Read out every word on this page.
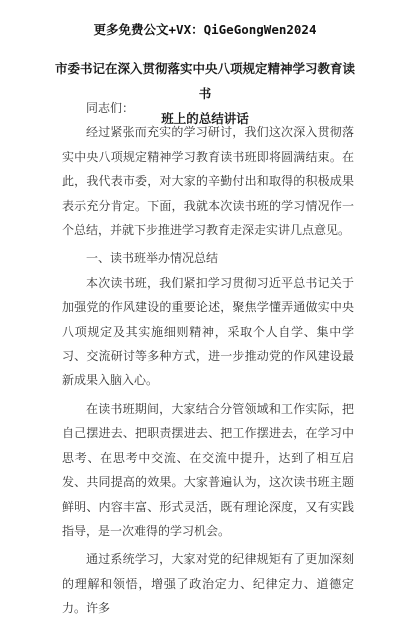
更多免费公文+VX：QiGeGongWen2024
市委书记在深入贯彻落实中央八项规定精神学习教育读书
班上的总结讲话

同志们：

经过紧张而充实的学习研讨，我们这次深入贯彻落实中央八项规定精神学习教育读书班即将圆满结束。在此，我代表市委，对大家的辛勤付出和取得的积极成果表示充分肯定。下面，我就本次读书班的学习情况作一个总结，并就下步推进学习教育走深走实讲几点意见。

一、读书班举办情况总结

本次读书班，我们紧扣学习贯彻习近平总书记关于加强党的作风建设的重要论述，聚焦学懂弄通做实中央八项规定及其实施细则精神，采取个人自学、集中学习、交流研讨等多种方式，进一步推动党的作风建设最新成果入脑入心。

在读书班期间，大家结合分管领域和工作实际，把自己摆进去、把职责摆进去、把工作摆进去，在学习中思考、在思考中交流、在交流中提升，达到了相互启发、共同提高的效果。大家普遍认为，这次读书班主题鲜明、内容丰富、形式灵活，既有理论深度，又有实践指导，是一次难得的学习机会。

通过系统学习，大家对党的纪律规矩有了更加深刻的理解和领悟，增强了政治定力、纪律定力、道德定力。许多
